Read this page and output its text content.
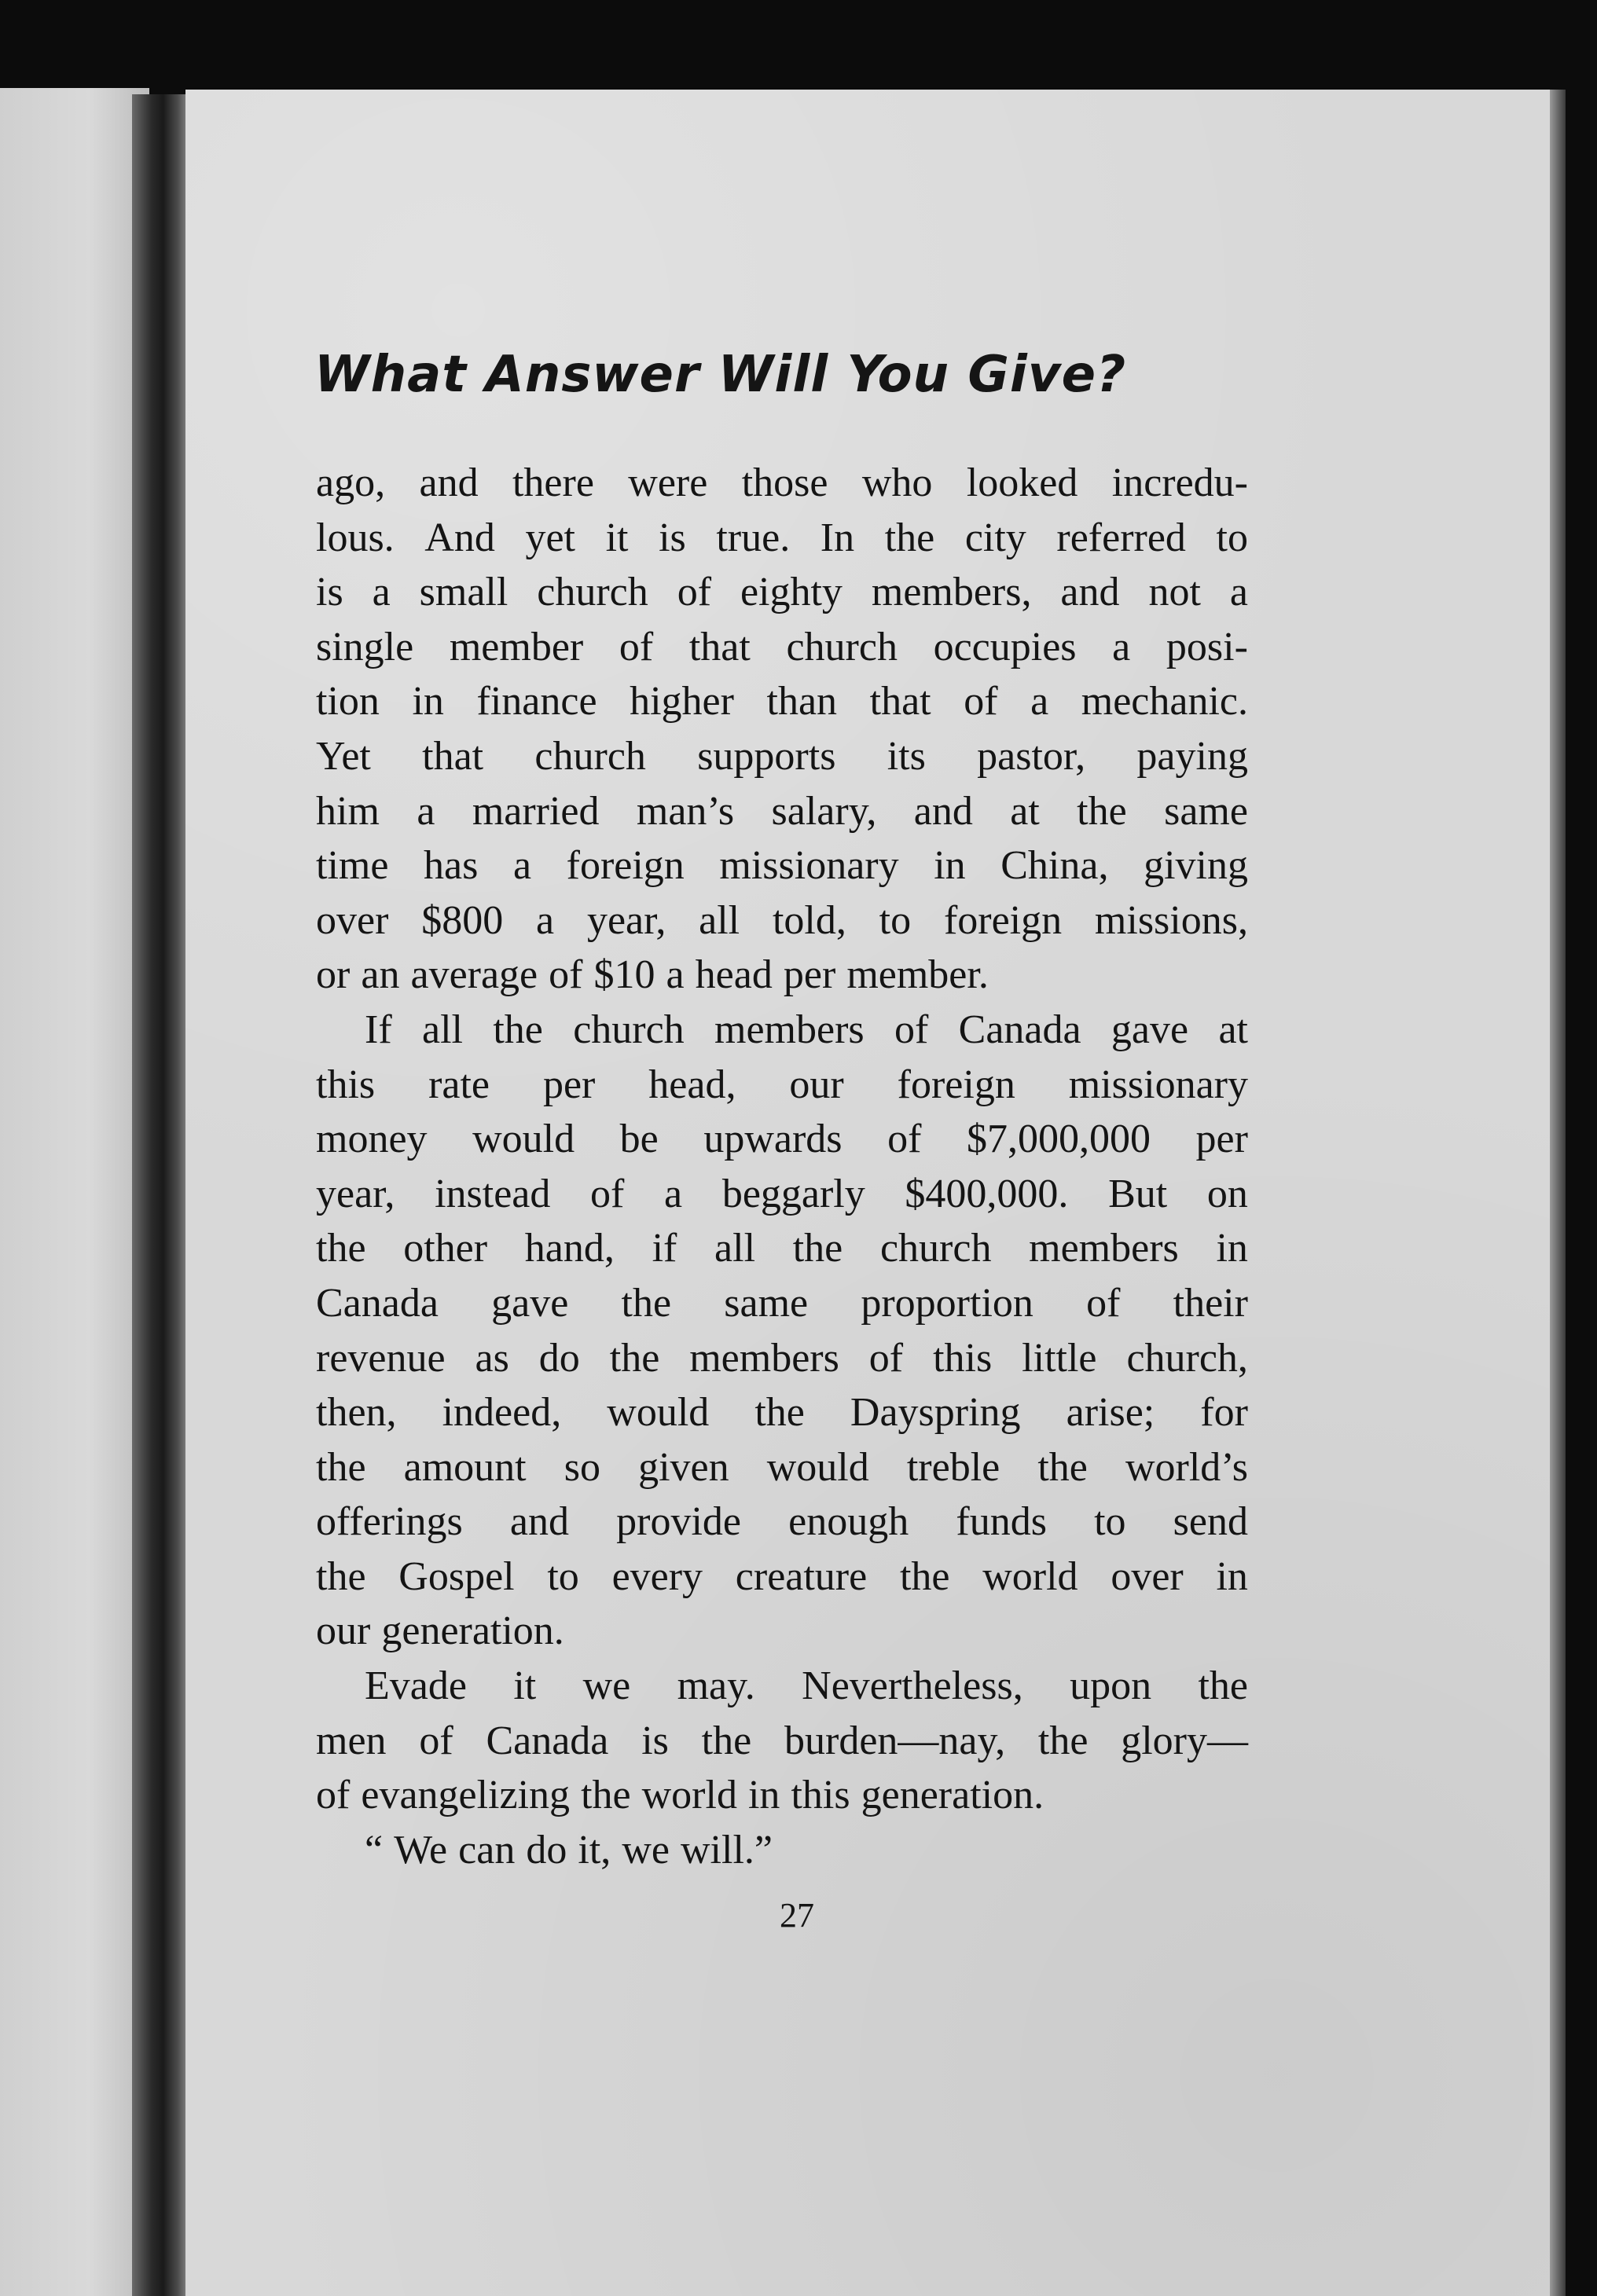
What Answer Will You Give?
ago, and there were those who looked incredu-
lous. And yet it is true. In the city referred to
is a small church of eighty members, and not a
single member of that church occupies a posi-
tion in finance higher than that of a mechanic.
Yet that church supports its pastor, paying
him a married man’s salary, and at the same
time has a foreign missionary in China, giving
over $800 a year, all told, to foreign missions,
or an average of $10 a head per member.
If all the church members of Canada gave at
this rate per head, our foreign missionary
money would be upwards of $7,000,000 per
year, instead of a beggarly $400,000. But on
the other hand, if all the church members in
Canada gave the same proportion of their
revenue as do the members of this little church,
then, indeed, would the Dayspring arise; for
the amount so given would treble the world’s
offerings and provide enough funds to send
the Gospel to every creature the world over in
our generation.
Evade it we may. Nevertheless, upon the
men of Canada is the burden—nay, the glory—
of evangelizing the world in this generation.
“ We can do it, we will.”
27
